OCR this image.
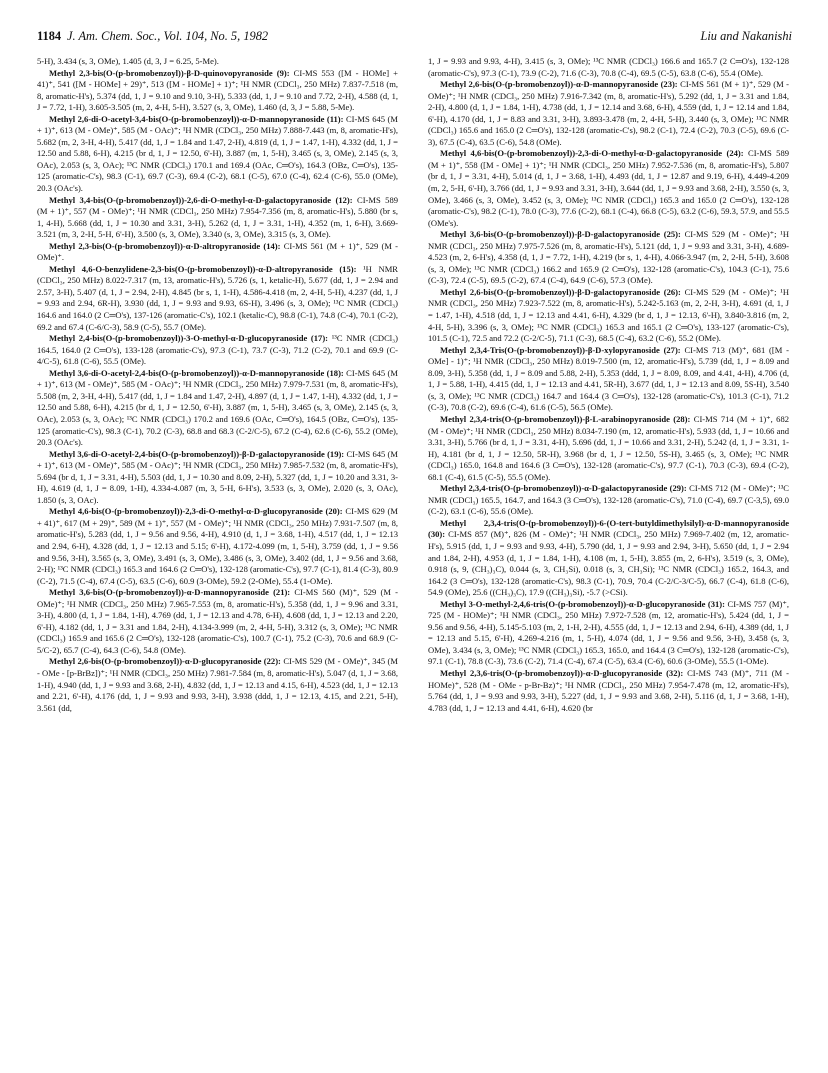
1184 J. Am. Chem. Soc., Vol. 104, No. 5, 1982	Liu and Nakanishi

5-H), 3.434 (s, 3, OMe), 1.405 (d, 3, J = 6.25, 5-Me).

Methyl 2,3-bis(O-(p-bromobenzoyl))-β-D-quinovopyranoside (9): CI-MS 553 ([M - HOMe] + 41)⁺, 541 ([M - HOMe] + 29)⁺, 513 ([M - HOMe] + 1)⁺; ¹H NMR (CDCl₃, 250 MHz) 7.837-7.518 (m, 8, aromatic-H's), 5.374 (dd, 1, J = 9.10 and 9.10, 3-H), 5.333 (dd, 1, J = 9.10 and 7.72, 2-H), 4.588 (d, 1, J = 7.72, 1-H), 3.605-3.505 (m, 2, 4-H, 5-H), 3.527 (s, 3, OMe), 1.460 (d, 3, J = 5.88, 5-Me).

Methyl 2,6-di-O-acetyl-3,4-bis(O-(p-bromobenzoyl))-α-D-mannopyranoside (11): CI-MS 645 (M + 1)⁺, 613 (M - OMe)⁺, 585 (M - OAc)⁺; ¹H NMR (CDCl₃, 250 MHz) 7.888-7.443 (m, 8, aromatic-H's), 5.682 (m, 2, 3-H, 4-H), 5.417 (dd, 1, J = 1.84 and 1.47, 2-H), 4.819 (d, 1, J = 1.47, 1-H), 4.332 (dd, 1, J = 12.50 and 5.88, 6-H), 4.215 (br d, 1, J = 12.50, 6'-H), 3.887 (m, 1, 5-H), 3.465 (s, 3, OMe), 2.145 (s, 3, OAc), 2.053 (s, 3, OAc); ¹³C NMR (CDCl₃) 170.1 and 169.4 (OAc, C═O's), 164.3 (OBz, C═O's), 135-125 (aromatic-C's), 98.3 (C-1), 69.7 (C-3), 69.4 (C-2), 68.1 (C-5), 67.0 (C-4), 62.4 (C-6), 55.0 (OMe), 20.3 (OAc's).

Methyl 3,4-bis(O-(p-bromobenzoyl))-2,6-di-O-methyl-α-D-galactopyranoside (12): CI-MS 589 (M + 1)⁺, 557 (M - OMe)⁺; ¹H NMR (CDCl₃, 250 MHz) 7.954-7.356 (m, 8, aromatic-H's), 5.880 (br s, 1, 4-H), 5.668 (dd, 1, J = 10.30 and 3.31, 3-H), 5.262 (d, 1, J = 3.31, 1-H), 4.352 (m, 1, 6-H), 3.669-3.521 (m, 3, 2-H, 5-H, 6'-H), 3.500 (s, 3, OMe), 3.340 (s, 3, OMe), 3.315 (s, 3, OMe).

Methyl 2,3-bis(O-(p-bromobenzoyl))-α-D-altropyranoside (14): CI-MS 561 (M + 1)⁺, 529 (M - OMe)⁺.

Methyl 4,6-O-benzylidene-2,3-bis(O-(p-bromobenzoyl))-α-D-altropyranoside (15): ¹H NMR (CDCl₃, 250 MHz) 8.022-7.317 (m, 13, aromatic-H's), 5.726 (s, 1, ketalic-H), 5.677 (dd, 1, J = 2.94 and 2.57, 3-H), 5.407 (d, 1, J = 2.94, 2-H), 4.845 (br s, 1, 1-H), 4.586-4.418 (m, 2, 4-H, 5-H), 4.237 (dd, 1, J = 9.93 and 2.94, 6R-H), 3.930 (dd, 1, J = 9.93 and 9.93, 6S-H), 3.496 (s, 3, OMe); ¹³C NMR (CDCl₃) 164.6 and 164.0 (2 C═O's), 137-126 (aromatic-C's), 102.1 (ketalic-C), 98.8 (C-1), 74.8 (C-4), 70.1 (C-2), 69.2 and 67.4 (C-6/C-3), 58.9 (C-5), 55.7 (OMe).

Methyl 2,4-bis(O-(p-bromobenzoyl))-3-O-methyl-α-D-glucopyranoside (17): ¹³C NMR (CDCl₃) 164.5, 164.0 (2 C═O's), 133-128 (aromatic-C's), 97.3 (C-1), 73.7 (C-3), 71.2 (C-2), 70.1 and 69.9 (C-4/C-5), 61.8 (C-6), 55.5 (OMe).

Methyl 3,6-di-O-acetyl-2,4-bis(O-(p-bromobenzoyl))-α-D-mannopyranoside (18): CI-MS 645 (M + 1)⁺, 613 (M - OMe)⁺, 585 (M - OAc)⁺; ¹H NMR (CDCl₃, 250 MHz) 7.979-7.531 (m, 8, aromatic-H's), 5.508 (m, 2, 3-H, 4-H), 5.417 (dd, 1, J = 1.84 and 1.47, 2-H), 4.897 (d, 1, J = 1.47, 1-H), 4.332 (dd, 1, J = 12.50 and 5.88, 6-H), 4.215 (br d, 1, J = 12.50, 6'-H), 3.887 (m, 1, 5-H), 3.465 (s, 3, OMe), 2.145 (s, 3, OAc), 2.053 (s, 3, OAc); ¹³C NMR (CDCl₃) 170.2 and 169.6 (OAc, C═O's), 164.5 (OBz, C═O's), 135-125 (aromatic-C's), 98.3 (C-1), 70.2 (C-3), 68.8 and 68.3 (C-2/C-5), 67.2 (C-4), 62.6 (C-6), 55.2 (OMe), 20.3 (OAc's).

Methyl 3,6-di-O-acetyl-2,4-bis(O-(p-bromobenzoyl))-β-D-galactopyranoside (19): CI-MS 645 (M + 1)⁺, 613 (M - OMe)⁺, 585 (M - OAc)⁺; ¹H NMR (CDCl₃, 250 MHz) 7.985-7.532 (m, 8, aromatic-H's), 5.694 (br d, 1, J = 3.31, 4-H), 5.503 (dd, 1, J = 10.30 and 8.09, 2-H), 5.327 (dd, 1, J = 10.20 and 3.31, 3-H), 4.619 (d, 1, J = 8.09, 1-H), 4.334-4.087 (m, 3, 5-H, 6-H's), 3.533 (s, 3, OMe), 2.020 (s, 3, OAc), 1.850 (s, 3, OAc).

Methyl 4,6-bis(O-(p-bromobenzoyl))-2,3-di-O-methyl-α-D-glucopyranoside (20): CI-MS 629 (M + 41)⁺, 617 (M + 29)⁺, 589 (M + 1)⁺, 557 (M - OMe)⁺; ¹H NMR (CDCl₃, 250 MHz) 7.931-7.507 (m, 8, aromatic-H's), 5.283 (dd, 1, J = 9.56 and 9.56, 4-H), 4.910 (d, 1, J = 3.68, 1-H), 4.517 (dd, 1, J = 12.13 and 2.94, 6-H), 4.328 (dd, 1, J = 12.13 and 5.15; 6'-H), 4.172-4.099 (m, 1, 5-H), 3.759 (dd, 1, J = 9.56 and 9.56, 3-H), 3.565 (s, 3, OMe), 3.491 (s, 3, OMe), 3.486 (s, 3, OMe), 3.402 (dd, 1, J = 9.56 and 3.68, 2-H); ¹³C NMR (CDCl₃) 165.3 and 164.6 (2 C═O's), 132-128 (aromatic-C's), 97.7 (C-1), 81.4 (C-3), 80.9 (C-2), 71.5 (C-4), 67.4 (C-5), 63.5 (C-6), 60.9 (3-OMe), 59.2 (2-OMe), 55.4 (1-OMe).

Methyl 3,6-bis(O-(p-bromobenzoyl))-α-D-mannopyranoside (21): CI-MS 560 (M)⁺, 529 (M - OMe)⁺; ¹H NMR (CDCl₃, 250 MHz) 7.965-7.553 (m, 8, aromatic-H's), 5.358 (dd, 1, J = 9.96 and 3.31, 3-H), 4.800 (d, 1, J = 1.84, 1-H), 4.769 (dd, 1, J = 12.13 and 4.78, 6-H), 4.608 (dd, 1, J = 12.13 and 2.20, 6'-H), 4.182 (dd, 1, J = 3.31 and 1.84, 2-H), 4.134-3.999 (m, 2, 4-H, 5-H), 3.312 (s, 3, OMe); ¹³C NMR (CDCl₃) 165.9 and 165.6 (2 C═O's), 132-128 (aromatic-C's), 100.7 (C-1), 75.2 (C-3), 70.6 and 68.9 (C-5/C-2), 65.7 (C-4), 64.3 (C-6), 54.8 (OMe).

Methyl 2,6-bis(O-(p-bromobenzoyl))-α-D-glucopyranoside (22): CI-MS 529 (M - OMe)⁺, 345 (M - OMe - [p-BrBz])⁺; ¹H NMR (CDCl₃, 250 MHz) 7.981-7.584 (m, 8, aromatic-H's), 5.047 (d, 1, J = 3.68, 1-H), 4.940 (dd, 1, J = 9.93 and 3.68, 2-H), 4.832 (dd, 1, J = 12.13 and 4.15, 6-H), 4.523 (dd, 1, J = 12.13 and 2.21, 6'-H), 4.176 (dd, 1, J = 9.93 and 9.93, 3-H), 3.938 (ddd, 1, J = 12.13, 4.15, and 2.21, 5-H), 3.561 (dd,

1, J = 9.93 and 9.93, 4-H), 3.415 (s, 3, OMe); ¹³C NMR (CDCl₃) 166.6 and 165.7 (2 C═O's), 132-128 (aromatic-C's), 97.3 (C-1), 73.9 (C-2), 71.6 (C-3), 70.8 (C-4), 69.5 (C-5), 63.8 (C-6), 55.4 (OMe).

Methyl 2,6-bis(O-(p-bromobenzoyl))-α-D-mannopyranoside (23): CI-MS 561 (M + 1)⁺, 529 (M - OMe)⁺; ¹H NMR (CDCl₃, 250 MHz) 7.916-7.342 (m, 8, aromatic-H's), 5.292 (dd, 1, J = 3.31 and 1.84, 2-H), 4.800 (d, 1, J = 1.84, 1-H), 4.738 (dd, 1, J = 12.14 and 3.68, 6-H), 4.559 (dd, 1, J = 12.14 and 1.84, 6'-H), 4.170 (dd, 1, J = 8.83 and 3.31, 3-H), 3.893-3.478 (m, 2, 4-H, 5-H), 3.440 (s, 3, OMe); ¹³C NMR (CDCl₃) 165.6 and 165.0 (2 C═O's), 132-128 (aromatic-C's), 98.2 (C-1), 72.4 (C-2), 70.3 (C-5), 69.6 (C-3), 67.5 (C-4), 63.5 (C-6), 54.8 (OMe).

Methyl 4,6-bis(O-(p-bromobenzoyl))-2,3-di-O-methyl-α-D-galactopyranoside (24): CI-MS 589 (M + 1)⁺, 558 ([M - OMe] + 1)⁺; ¹H NMR (CDCl₃, 250 MHz) 7.952-7.536 (m, 8, aromatic-H's), 5.807 (br d, 1, J = 3.31, 4-H), 5.014 (d, 1, J = 3.68, 1-H), 4.493 (dd, 1, J = 12.87 and 9.19, 6-H), 4.449-4.209 (m, 2, 5-H, 6'-H), 3.766 (dd, 1, J = 9.93 and 3.31, 3-H), 3.644 (dd, 1, J = 9.93 and 3.68, 2-H), 3.550 (s, 3, OMe), 3.466 (s, 3, OMe), 3.452 (s, 3, OMe); ¹³C NMR (CDCl₃) 165.3 and 165.0 (2 C═O's), 132-128 (aromatic-C's), 98.2 (C-1), 78.0 (C-3), 77.6 (C-2), 68.1 (C-4), 66.8 (C-5), 63.2 (C-6), 59.3, 57.9, and 55.5 (OMe's).

Methyl 3,6-bis(O-(p-bromobenzoyl))-β-D-galactopyranoside (25): CI-MS 529 (M - OMe)⁺; ¹H NMR (CDCl₃, 250 MHz) 7.975-7.526 (m, 8, aromatic-H's), 5.121 (dd, 1, J = 9.93 and 3.31, 3-H), 4.689-4.523 (m, 2, 6-H's), 4.358 (d, 1, J = 7.72, 1-H), 4.219 (br s, 1, 4-H), 4.066-3.947 (m, 2, 2-H, 5-H), 3.608 (s, 3, OMe); ¹³C NMR (CDCl₃) 166.2 and 165.9 (2 C═O's), 132-128 (aromatic-C's), 104.3 (C-1), 75.6 (C-3), 72.4 (C-5), 69.5 (C-2), 67.4 (C-4), 64.9 (C-6), 57.3 (OMe).

Methyl 2,6-bis(O-(p-bromobenzoyl))-β-D-galactopyranoside (26): CI-MS 529 (M - OMe)⁺; ¹H NMR (CDCl₃, 250 MHz) 7.923-7.522 (m, 8, aromatic-H's), 5.242-5.163 (m, 2, 2-H, 3-H), 4.691 (d, 1, J = 1.47, 1-H), 4.518 (dd, 1, J = 12.13 and 4.41, 6-H), 4.329 (br d, 1, J = 12.13, 6'-H), 3.840-3.816 (m, 2, 4-H, 5-H), 3.396 (s, 3, OMe); ¹³C NMR (CDCl₃) 165.3 and 165.1 (2 C═O's), 133-127 (aromatic-C's), 101.5 (C-1), 72.5 and 72.2 (C-2/C-5), 71.1 (C-3), 68.5 (C-4), 63.2 (C-6), 55.2 (OMe).

Methyl 2,3,4-Tris(O-(p-bromobenzoyl))-β-D-xylopyranoside (27): CI-MS 713 (M)⁺, 681 ([M - OMe] - 1)⁺; ¹H NMR (CDCl₃, 250 MHz) 8.019-7.500 (m, 12, aromatic-H's), 5.739 (dd, 1, J = 8.09 and 8.09, 3-H), 5.358 (dd, 1, J = 8.09 and 5.88, 2-H), 5.353 (ddd, 1, J = 8.09, 8.09, and 4.41, 4-H), 4.706 (d, 1, J = 5.88, 1-H), 4.415 (dd, 1, J = 12.13 and 4.41, 5R-H), 3.677 (dd, 1, J = 12.13 and 8.09, 5S-H), 3.540 (s, 3, OMe); ¹³C NMR (CDCl₃) 164.7 and 164.4 (3 C═O's), 132-128 (aromatic-C's), 101.3 (C-1), 71.2 (C-3), 70.8 (C-2), 69.6 (C-4), 61.6 (C-5), 56.5 (OMe).

Methyl 2,3,4-tris(O-(p-bromobenzoyl))-β-L-arabinopyranoside (28): CI-MS 714 (M + 1)⁺, 682 (M - OMe)⁺; ¹H NMR (CDCl₃, 250 MHz) 8.034-7.190 (m, 12, aromatic-H's), 5.933 (dd, 1, J = 10.66 and 3.31, 3-H), 5.766 (br d, 1, J = 3.31, 4-H), 5.696 (dd, 1, J = 10.66 and 3.31, 2-H), 5.242 (d, 1, J = 3.31, 1-H), 4.181 (br d, 1, J = 12.50, 5R-H), 3.968 (br d, 1, J = 12.50, 5S-H), 3.465 (s, 3, OMe); ¹³C NMR (CDCl₃) 165.0, 164.8 and 164.6 (3 C═O's), 132-128 (aromatic-C's), 97.7 (C-1), 70.3 (C-3), 69.4 (C-2), 68.1 (C-4), 61.5 (C-5), 55.5 (OMe).

Methyl 2,3,4-tris(O-(p-bromobenzoyl))-α-D-galactopyranoside (29): CI-MS 712 (M - OMe)⁺; ¹³C NMR (CDCl₃) 165.5, 164.7, and 164.3 (3 C═O's), 132-128 (aromatic-C's), 71.0 (C-4), 69.7 (C-3,5), 69.0 (C-2), 63.1 (C-6), 55.6 (OMe).

Methyl 2,3,4-tris(O-(p-bromobenzoyl))-6-(O-tert-butyldimethylsilyl)-α-D-mannopyranoside (30): CI-MS 857 (M)⁺, 826 (M - OMe)⁺; ¹H NMR (CDCl₃, 250 MHz) 7.969-7.402 (m, 12, aromatic-H's), 5.915 (dd, 1, J = 9.93 and 9.93, 4-H), 5.790 (dd, 1, J = 9.93 and 2.94, 3-H), 5.650 (dd, 1, J = 2.94 and 1.84, 2-H), 4.953 (d, 1, J = 1.84, 1-H), 4.108 (m, 1, 5-H), 3.855 (m, 2, 6-H's), 3.519 (s, 3, OMe), 0.918 (s, 9, (CH₃)₃C), 0.044 (s, 3, CH₃Si), 0.018 (s, 3, CH₃Si); ¹³C NMR (CDCl₃) 165.2, 164.3, and 164.2 (3 C═O's), 132-128 (aromatic-C's), 98.3 (C-1), 70.9, 70.4 (C-2/C-3/C-5), 66.7 (C-4), 61.8 (C-6), 54.9 (OMe), 25.6 ((CH₃)₃C), 17.9 ((CH₃)₃Si), -5.7 (>CSi).

Methyl 3-O-methyl-2,4,6-tris(O-(p-bromobenzoyl))-α-D-glucopyranoside (31): CI-MS 757 (M)⁺, 725 (M - HOMe)⁺; ¹H NMR (CDCl₃, 250 MHz) 7.972-7.528 (m, 12, aromatic-H's), 5.424 (dd, 1, J = 9.56 and 9.56, 4-H), 5.145-5.103 (m, 2, 1-H, 2-H), 4.555 (dd, 1, J = 12.13 and 2.94, 6-H), 4.389 (dd, 1, J = 12.13 and 5.15, 6'-H), 4.269-4.216 (m, 1, 5-H), 4.074 (dd, 1, J = 9.56 and 9.56, 3-H), 3.458 (s, 3, OMe), 3.434 (s, 3, OMe); ¹³C NMR (CDCl₃) 165.3, 165.0, and 164.4 (3 C═O's), 132-128 (aromatic-C's), 97.1 (C-1), 78.8 (C-3), 73.6 (C-2), 71.4 (C-4), 67.4 (C-5), 63.4 (C-6), 60.6 (3-OMe), 55.5 (1-OMe).

Methyl 2,3,6-tris(O-(p-bromobenzoyl))-α-D-glucopyranoside (32): CI-MS 743 (M)⁺, 711 (M - HOMe)⁺, 528 (M - OMe - p-Br-Bz)⁺; ¹H NMR (CDCl₃, 250 MHz) 7.954-7.478 (m, 12, aromatic-H's), 5.764 (dd, 1, J = 9.93 and 9.93, 3-H), 5.227 (dd, 1, J = 9.93 and 3.68, 2-H), 5.116 (d, 1, J = 3.68, 1-H), 4.783 (dd, 1, J = 12.13 and 4.41, 6-H), 4.620 (br
